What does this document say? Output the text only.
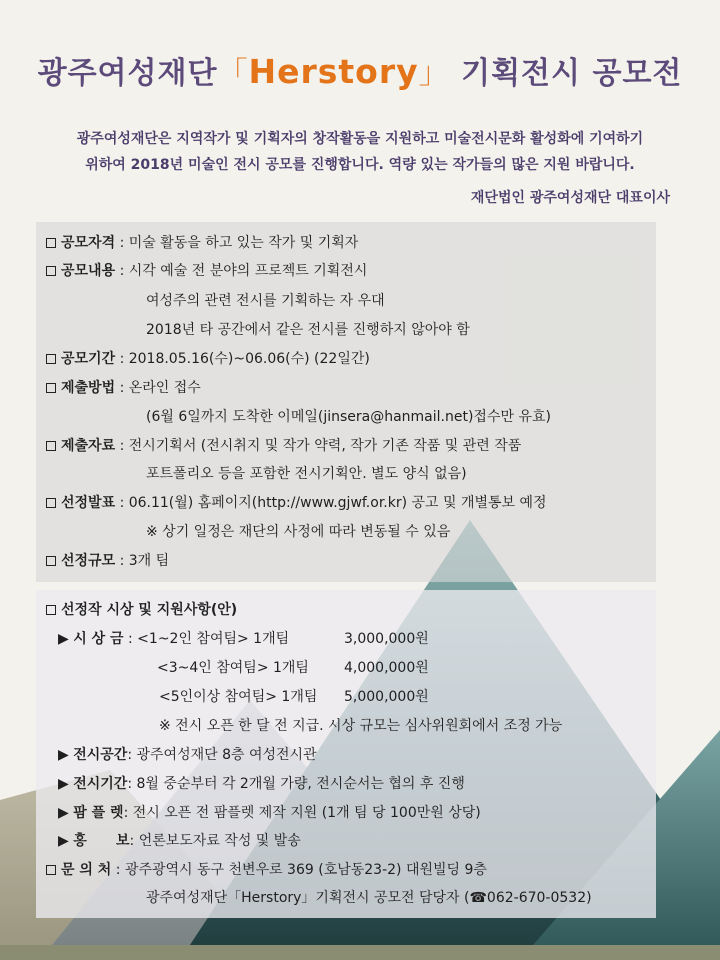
광주여성재단「Herstory」 기획전시 공모전
광주여성재단은 지역작가 및 기획자의 창작활동을 지원하고 미술전시문화 활성화에 기여하기
위하여 2018년 미술인 전시 공모를 진행합니다. 역량 있는 작가들의 많은 지원 바랍니다.
재단법인 광주여성재단 대표이사
공모자격 : 미술 활동을 하고 있는 작가 및 기획자
공모내용 : 시각 예술 전 분야의 프로젝트 기획전시
여성주의 관련 전시를 기획하는 자 우대
2018년 타 공간에서 같은 전시를 진행하지 않아야 함
공모기간 : 2018.05.16(수)~06.06(수) (22일간)
제출방법 : 온라인 접수
(6월 6일까지 도착한 이메일(jinsera@hanmail.net)접수만 유효)
제출자료 : 전시기획서 (전시취지 및 작가 약력, 작가 기존 작품 및 관련 작품
포트폴리오 등을 포함한 전시기획안. 별도 양식 없음)
선정발표 : 06.11(월) 홈페이지(http://www.gjwf.or.kr) 공고 및 개별통보 예정
※ 상기 일정은 재단의 사정에 따라 변동될 수 있음
선정규모 : 3개 팀
선정작 시상 및 지원사항(안)
▶ 시 상 금 : <1~2인 참여팀> 1개팀	3,000,000원
<3~4인 참여팀> 1개팀	4,000,000원
<5인이상 참여팀> 1개팀 5,000,000원
※ 전시 오픈 한 달 전 지급. 시상 규모는 심사위원회에서 조정 가능
▶ 전시공간: 광주여성재단 8층 여성전시관
▶ 전시기간: 8월 중순부터 각 2개월 가량, 전시순서는 협의 후 진행
▶ 팜 플 렛: 전시 오픈 전 팜플렛 제작 지원 (1개 팀 당 100만원 상당)
▶ 홍      보: 언론보도자료 작성 및 발송
문 의 처 : 광주광역시 동구 천변우로 369 (호남동23-2) 대원빌딩 9층
광주여성재단「Herstory」기획전시 공모전 담당자 (☎062-670-0532)
